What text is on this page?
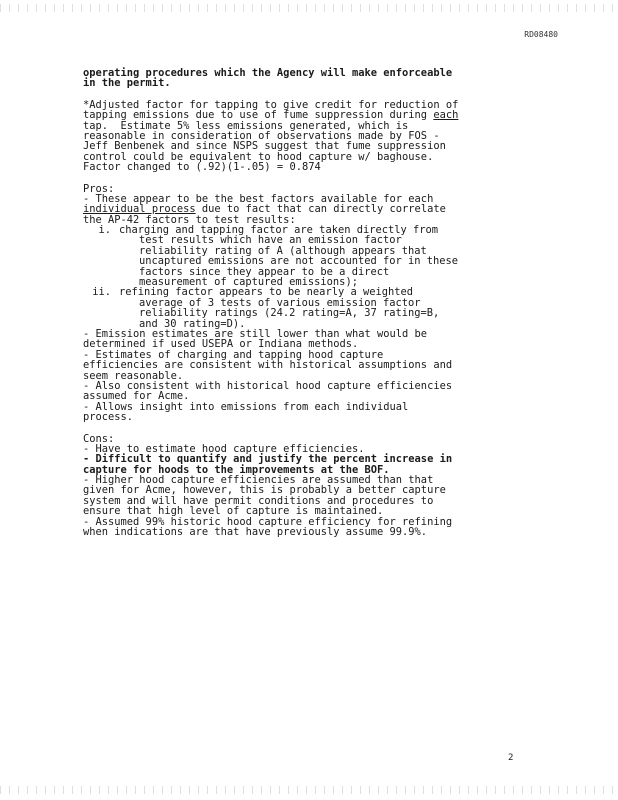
RD08480
operating procedures which the Agency will make enforceable
in the permit.
*Adjusted factor for tapping to give credit for reduction of
tapping emissions due to use of fume suppression during each
tap.  Estimate 5% less emissions generated, which is
reasonable in consideration of observations made by FOS -
Jeff Benbenek and since NSPS suggest that fume suppression
control could be equivalent to hood capture w/ baghouse.
Factor changed to (.92)(1-.05) = 0.874
Pros:
- These appear to be the best factors available for each
individual process due to fact that can directly correlate
the AP-42 factors to test results:
i. charging and tapping factor are taken directly from
test results which have an emission factor
reliability rating of A (although appears that
uncaptured emissions are not accounted for in these
factors since they appear to be a direct
measurement of captured emissions);
ii. refining factor appears to be nearly a weighted
average of 3 tests of various emission factor
reliability ratings (24.2 rating=A, 37 rating=B,
and 30 rating=D).
- Emission estimates are still lower than what would be
determined if used USEPA or Indiana methods.
- Estimates of charging and tapping hood capture
efficiencies are consistent with historical assumptions and
seem reasonable.
- Also consistent with historical hood capture efficiencies
assumed for Acme.
- Allows insight into emissions from each individual
process.
Cons:
- Have to estimate hood capture efficiencies.
- Difficult to quantify and justify the percent increase in
capture for hoods to the improvements at the BOF.
- Higher hood capture efficiencies are assumed than that
given for Acme, however, this is probably a better capture
system and will have permit conditions and procedures to
ensure that high level of capture is maintained.
- Assumed 99% historic hood capture efficiency for refining
when indications are that have previously assume 99.9%.
2
